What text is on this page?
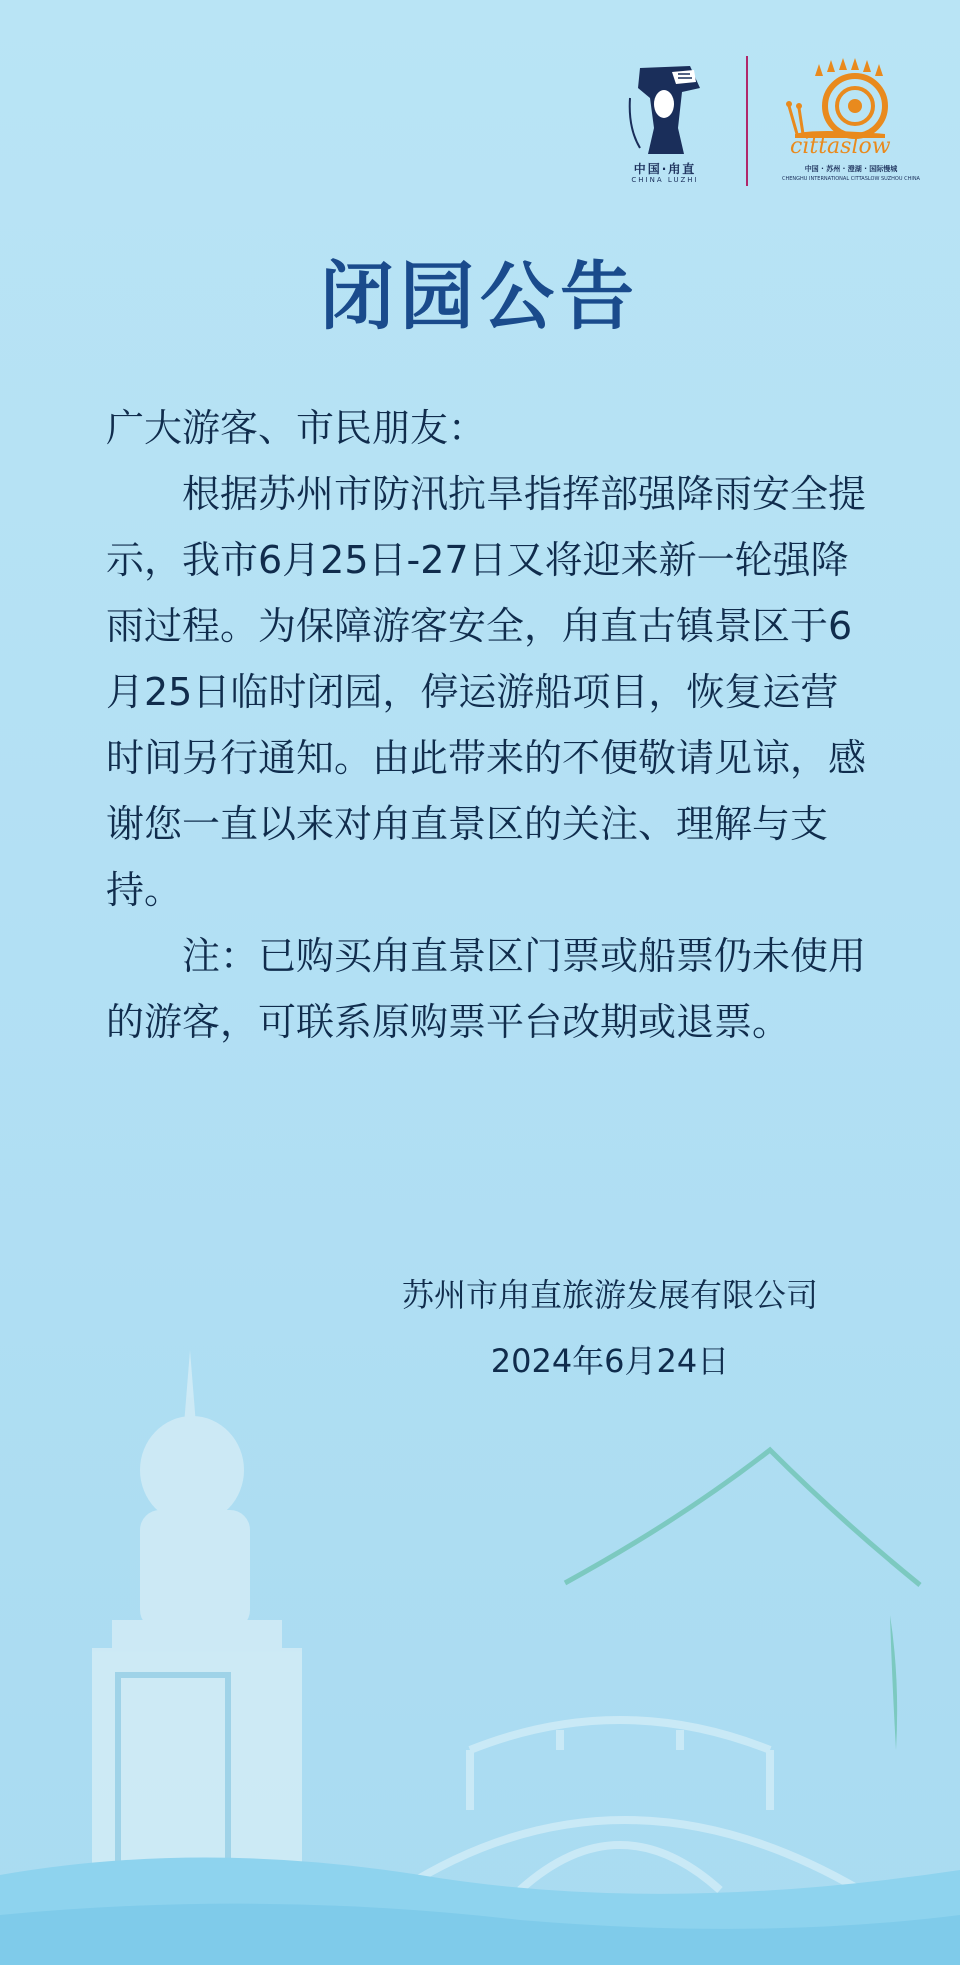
中国·甪直
CHINA LUZHI
cittaslow
中国 · 苏州 · 澄湖 · 国际慢城
CHENGHU INTERNATIONAL CITTASLOW SUZHOU CHINA
闭园公告

广大游客、市民朋友：

根据苏州市防汛抗旱指挥部强降雨安全提示，我市6月25日-27日又将迎来新一轮强降雨过程。为保障游客安全，甪直古镇景区于6月25日临时闭园，停运游船项目，恢复运营时间另行通知。由此带来的不便敬请见谅，感谢您一直以来对甪直景区的关注、理解与支持。

注：已购买甪直景区门票或船票仍未使用的游客，可联系原购票平台改期或退票。

苏州市甪直旅游发展有限公司
2024年6月24日
